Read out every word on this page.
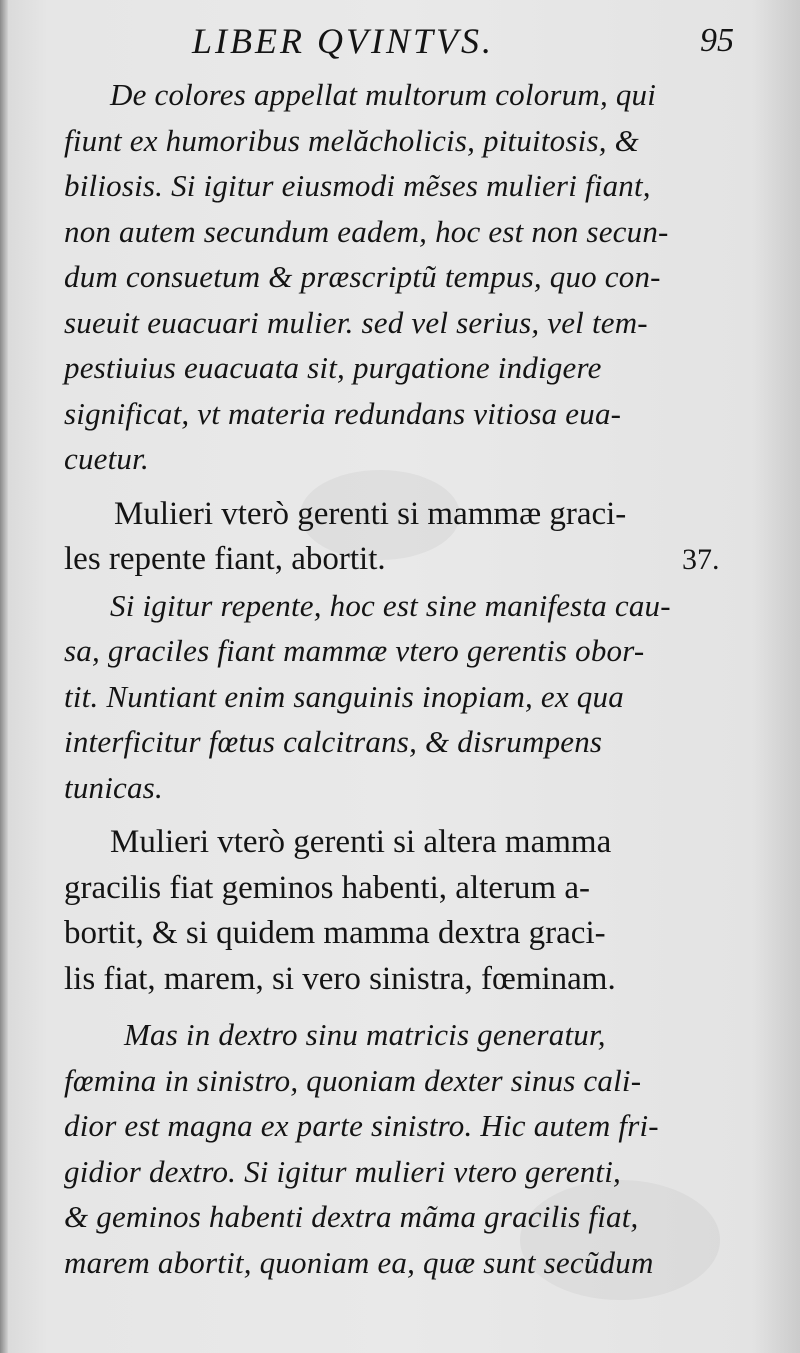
LIBER QVINTVS.	95
De colores appellat multorum colorum, qui
fiunt ex humoribus melăcholicis, pituitosis, &
biliosis. Si igitur eiusmodi mẽses mulieri fiant,
non autem secundum eadem, hoc est non secun-
dum consuetum & præscriptũ tempus, quo con-
sueuit euacuari mulier. sed vel serius, vel tem-
pestiuius euacuata sit, purgatione indigere
significat, vt materia redundans vitiosa eua-
cuetur.
Mulieri vterò gerenti si mammæ graci-
les repente fiant, abortit.	37.
Si igitur repente, hoc est sine manifesta cau-
sa, graciles fiant mammæ vtero gerentis obor-
tit. Nuntiant enim sanguinis inopiam, ex qua
interficitur fœtus calcitrans, & disrumpens
tunicas.
Mulieri vterò gerenti si altera mamma
gracilis fiat geminos habenti, alterum a-
bortit, & si quidem mamma dextra graci-
lis fiat, marem, si vero sinistra, fœminam.
Mas in dextro sinu matricis generatur,
fœmina in sinistro, quoniam dexter sinus cali-
dior est magna ex parte sinistro. Hic autem fri-
gidior dextro. Si igitur mulieri vtero gerenti,
& geminos habenti dextra mãma gracilis fiat,
marem abortit, quoniam ea, quæ sunt secũdum
